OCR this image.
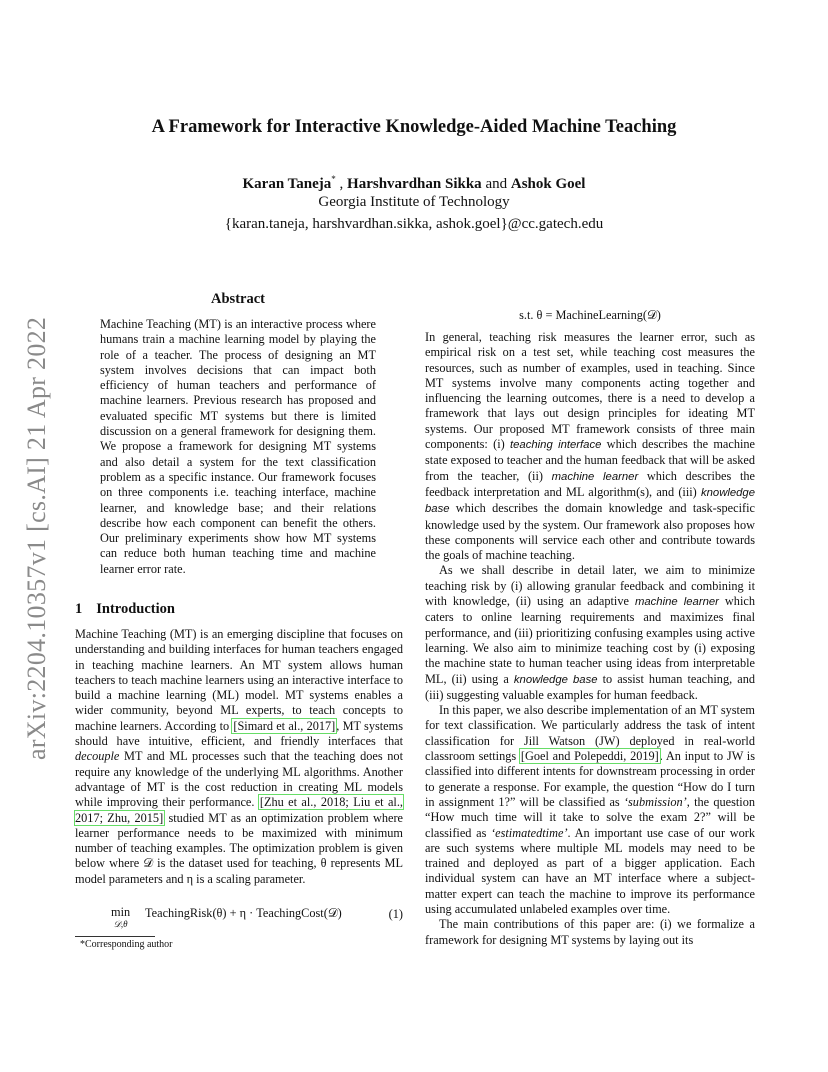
arXiv:2204.10357v1 [cs.AI] 21 Apr 2022
A Framework for Interactive Knowledge-Aided Machine Teaching
Karan Taneja* , Harshvardhan Sikka and Ashok Goel
Georgia Institute of Technology
{karan.taneja, harshvardhan.sikka, ashok.goel}@cc.gatech.edu
Abstract
Machine Teaching (MT) is an interactive process where humans train a machine learning model by playing the role of a teacher. The process of designing an MT system involves decisions that can impact both efficiency of human teachers and performance of machine learners. Previous research has proposed and evaluated specific MT systems but there is limited discussion on a general framework for designing them. We propose a framework for designing MT systems and also detail a system for the text classification problem as a specific instance. Our framework focuses on three components i.e. teaching interface, machine learner, and knowledge base; and their relations describe how each component can benefit the others. Our preliminary experiments show how MT systems can reduce both human teaching time and machine learner error rate.
1 Introduction

Machine Teaching (MT) is an emerging discipline that focuses on understanding and building interfaces for human teachers engaged in teaching machine learners. An MT system allows human teachers to teach machine learners using an interactive interface to build a machine learning (ML) model. MT systems enables a wider community, beyond ML experts, to teach concepts to machine learners. According to [Simard et al., 2017], MT systems should have intuitive, efficient, and friendly interfaces that decouple MT and ML processes such that the teaching does not require any knowledge of the underlying ML algorithms. Another advantage of MT is the cost reduction in creating ML models while improving their performance. [Zhu et al., 2018; Liu et al., 2017; Zhu, 2015] studied MT as an optimization problem where learner performance needs to be maximized with minimum number of teaching examples. The optimization problem is given below where 𝒟 is the dataset used for teaching, θ represents ML model parameters and η is a scaling parameter.

min
𝒟,θ
TeachingRisk(θ) + η · TeachingCost(𝒟)	(1)
*Corresponding author
s.t. θ = MachineLearning(𝒟)

In general, teaching risk measures the learner error, such as empirical risk on a test set, while teaching cost measures the resources, such as number of examples, used in teaching. Since MT systems involve many components acting together and influencing the learning outcomes, there is a need to develop a framework that lays out design principles for ideating MT systems. Our proposed MT framework consists of three main components: (i) teaching interface which describes the machine state exposed to teacher and the human feedback that will be asked from the teacher, (ii) machine learner which describes the feedback interpretation and ML algorithm(s), and (iii) knowledge base which describes the domain knowledge and task-specific knowledge used by the system. Our framework also proposes how these components will service each other and contribute towards the goals of machine teaching.

As we shall describe in detail later, we aim to minimize teaching risk by (i) allowing granular feedback and combining it with knowledge, (ii) using an adaptive machine learner which caters to online learning requirements and maximizes final performance, and (iii) prioritizing confusing examples using active learning. We also aim to minimize teaching cost by (i) exposing the machine state to human teacher using ideas from interpretable ML, (ii) using a knowledge base to assist human teaching, and (iii) suggesting valuable examples for human feedback.

In this paper, we also describe implementation of an MT system for text classification. We particularly address the task of intent classification for Jill Watson (JW) deployed in real-world classroom settings [Goel and Polepeddi, 2019]. An input to JW is classified into different intents for downstream processing in order to generate a response. For example, the question “How do I turn in assignment 1?” will be classified as ‘submission’, the question “How much time will it take to solve the exam 2?” will be classified as ‘estimatedtime’. An important use case of our work are such systems where multiple ML models may need to be trained and deployed as part of a bigger application. Each individual system can have an MT interface where a subject-matter expert can teach the machine to improve its performance using accumulated unlabeled examples over time.

The main contributions of this paper are: (i) we formalize a framework for designing MT systems by laying out its
